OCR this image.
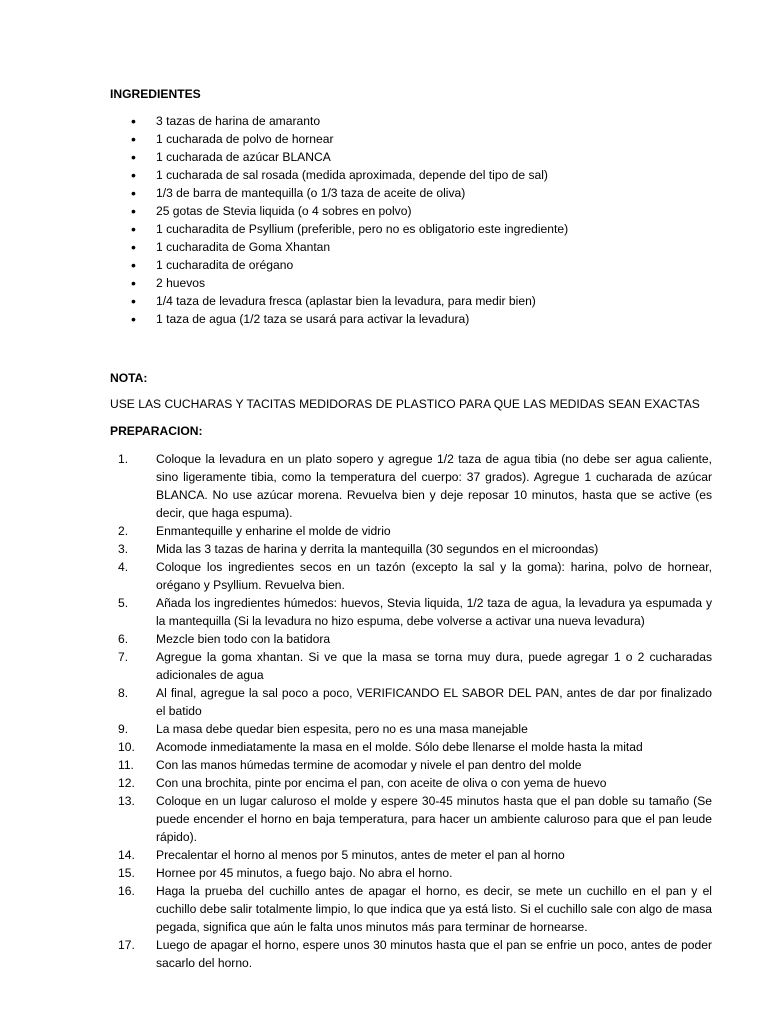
INGREDIENTES
• 3 tazas de harina de amaranto
• 1 cucharada de polvo de hornear
• 1 cucharada de azúcar BLANCA
• 1 cucharada de sal rosada (medida aproximada, depende del tipo de sal)
• 1/3 de barra de mantequilla (o 1/3 taza de aceite de oliva)
• 25 gotas de Stevia liquida (o 4 sobres en polvo)
• 1 cucharadita de Psyllium (preferible, pero no es obligatorio este ingrediente)
• 1 cucharadita de Goma Xhantan
• 1 cucharadita de orégano
• 2 huevos
• 1/4 taza de levadura fresca (aplastar bien la levadura, para medir bien)
• 1 taza de agua (1/2 taza se usará para activar la levadura)
NOTA:

USE LAS CUCHARAS Y TACITAS MEDIDORAS DE PLASTICO PARA QUE LAS MEDIDAS SEAN EXACTAS

PREPARACION:
1.	Coloque la levadura en un plato sopero y agregue 1/2 taza de agua tibia (no debe ser agua caliente, sino ligeramente tibia, como la temperatura del cuerpo: 37 grados). Agregue 1 cucharada de azúcar BLANCA. No use azúcar morena. Revuelva bien y deje reposar 10 minutos, hasta que se active (es decir, que haga espuma).
2.	Enmantequille y enharine el molde de vidrio
3.	Mida las 3 tazas de harina y derrita la mantequilla (30 segundos en el microondas)
4.	Coloque los ingredientes secos en un tazón (excepto la sal y la goma): harina, polvo de hornear, orégano y Psyllium. Revuelva bien.
5.	Añada los ingredientes húmedos: huevos, Stevia liquida, 1/2 taza de agua, la levadura ya espumada y la mantequilla (Si la levadura no hizo espuma, debe volverse a activar una nueva levadura)
6.	Mezcle bien todo con la batidora
7.	Agregue la goma xhantan. Si ve que la masa se torna muy dura, puede agregar 1 o 2 cucharadas adicionales de agua
8.	Al final, agregue la sal poco a poco, VERIFICANDO EL SABOR DEL PAN, antes de dar por finalizado el batido
9.	La masa debe quedar bien espesita, pero no es una masa manejable
10.	Acomode inmediatamente la masa en el molde. Sólo debe llenarse el molde hasta la mitad
11.	Con las manos húmedas termine de acomodar y nivele el pan dentro del molde
12.	Con una brochita, pinte por encima el pan, con aceite de oliva o con yema de huevo
13.	Coloque en un lugar caluroso el molde y espere 30-45 minutos hasta que el pan doble su tamaño (Se puede encender el horno en baja temperatura, para hacer un ambiente caluroso para que el pan leude rápido).
14.	Precalentar el horno al menos por 5 minutos, antes de meter el pan al horno
15.	Hornee por 45 minutos, a fuego bajo. No abra el horno.
16.	Haga la prueba del cuchillo antes de apagar el horno, es decir, se mete un cuchillo en el pan y el cuchillo debe salir totalmente limpio, lo que indica que ya está listo. Si el cuchillo sale con algo de masa pegada, significa que aún le falta unos minutos más para terminar de hornearse.
17.	Luego de apagar el horno, espere unos 30 minutos hasta que el pan se enfrie un poco, antes de poder sacarlo del horno.
